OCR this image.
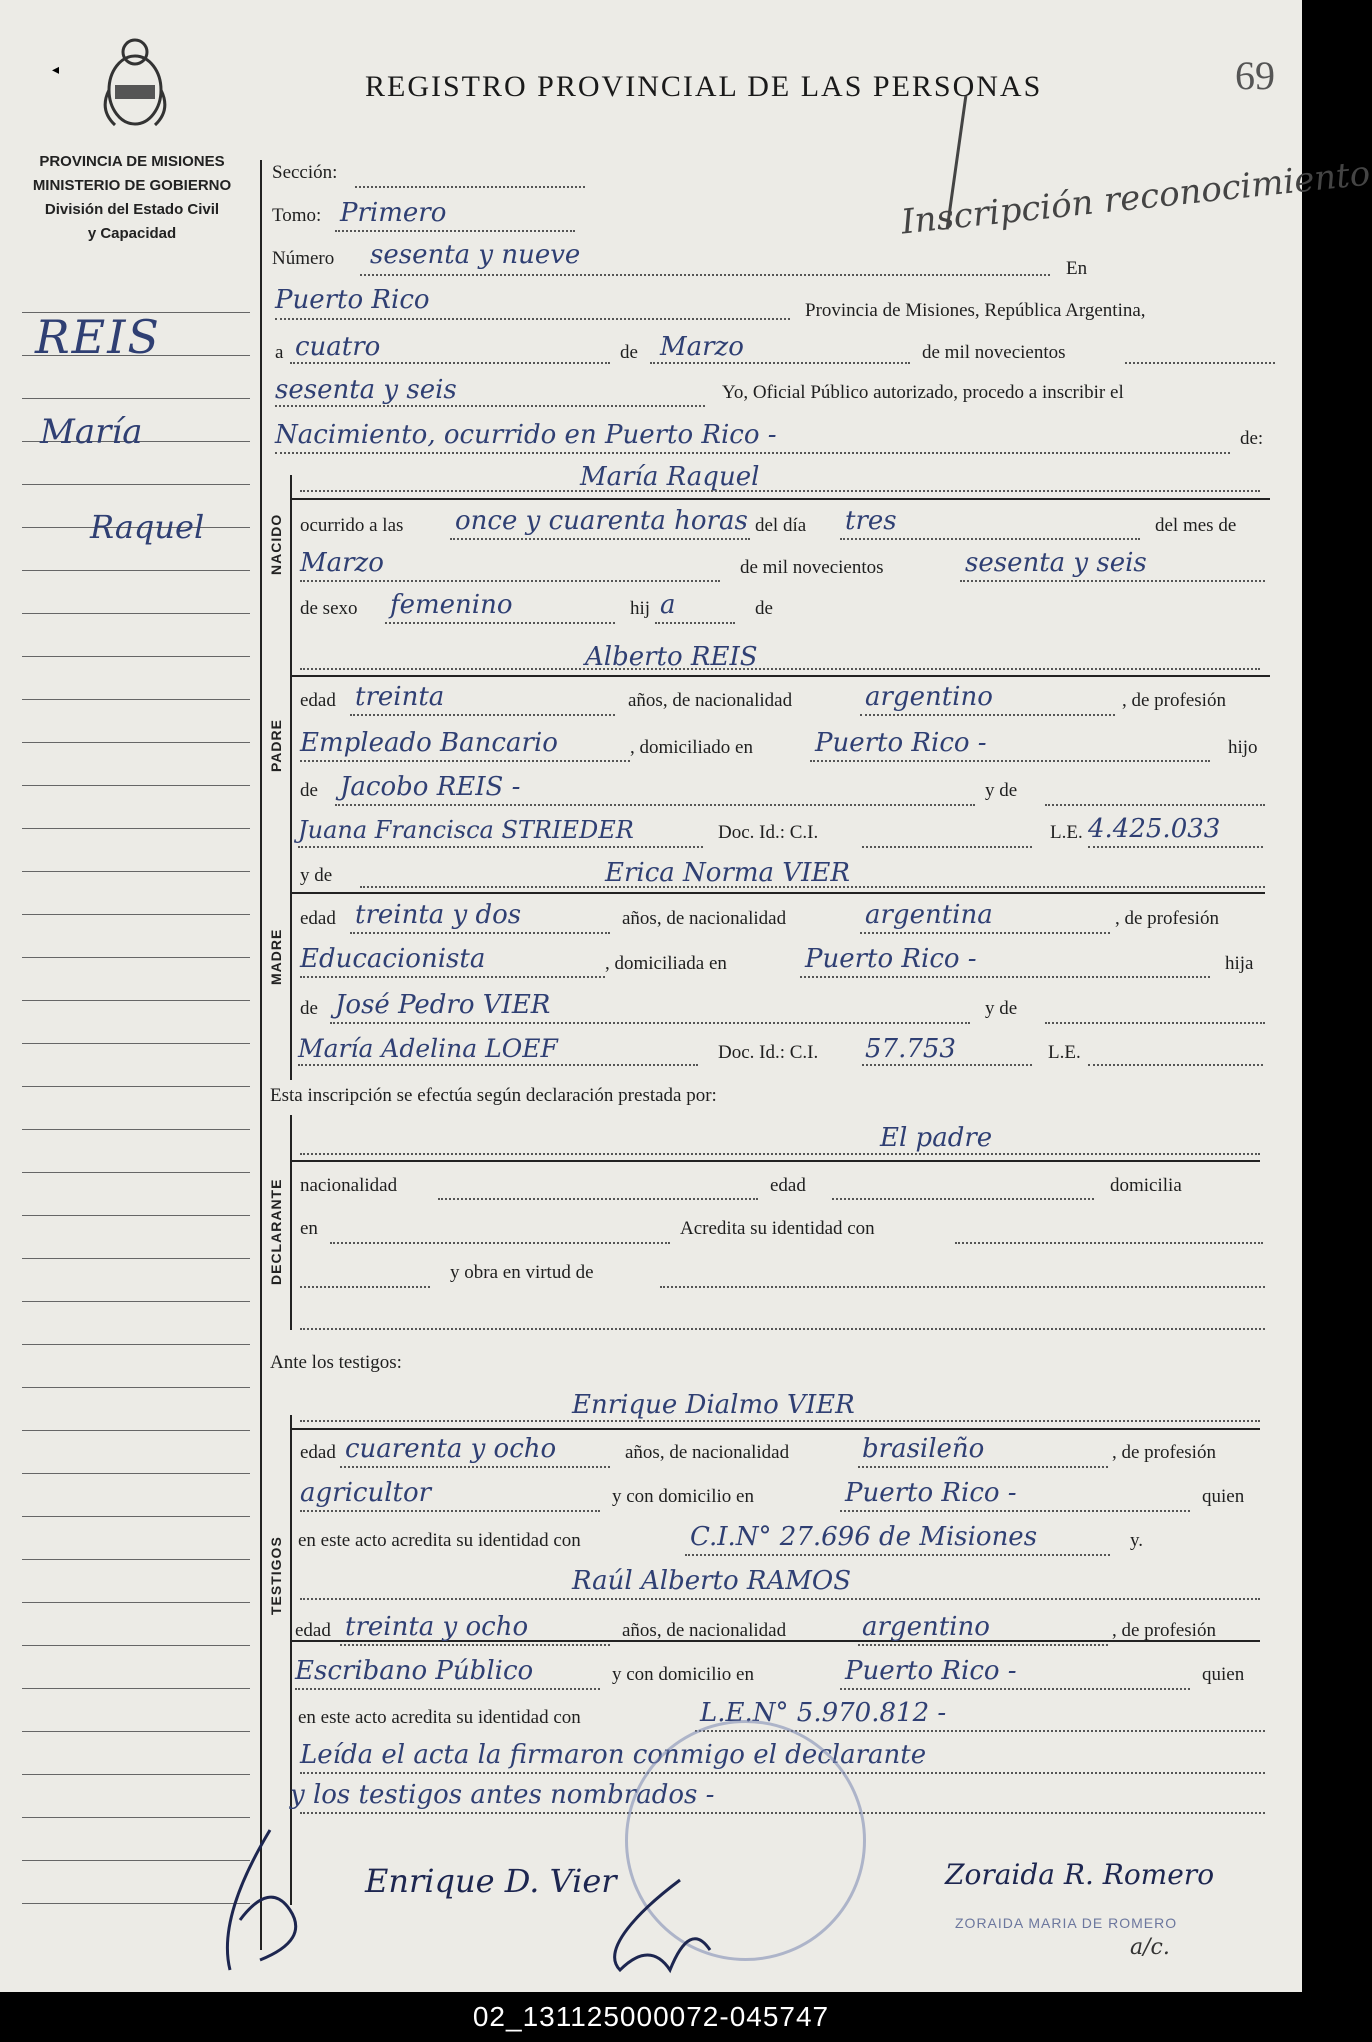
◂	REGISTRO PROVINCIAL DE LAS PERSONAS	69
Inscripción reconocimiento
PROVINCIA DE MISIONES
MINISTERIO DE GOBIERNO
División del Estado Civil
y Capacidad
REIS
María
Raquel
Sección:
Tomo: Primero
Número sesenta y nueve	En
Puerto Rico	Provincia de Misiones, República Argentina,
a cuatro	de Marzo	de mil novecientos
sesenta y seis	Yo, Oficial Público autorizado, procedo a inscribir el
Nacimiento, ocurrido en Puerto Rico -	de:
NACIDO
PADRE
MADRE
DECLARANTE
TESTIGOS
María Raquel
ocurrido a las once y cuarenta horas del día tres	del mes de
Marzo	de mil novecientos	sesenta y seis
de sexo femenino	hij a	de
Alberto REIS
edad treinta	años, de nacionalidad	argentino	, de profesión
Empleado Bancario	, domiciliado en Puerto Rico -	hijo
de Jacobo REIS -	y de
Juana Francisca STRIEDER	Doc. Id.: C.I.	L.E. 4.425.033
y de	Erica Norma VIER
edad treinta y dos	años, de nacionalidad	argentina	, de profesión
Educacionista	, domiciliada en	Puerto Rico -	hija
de José Pedro VIER	y de
María Adelina LOEF	Doc. Id.: C.I. 57.753	L.E.
Esta inscripción se efectúa según declaración prestada por:
El padre
nacionalidad	edad	domicilia
en	Acredita su identidad con
y obra en virtud de
Ante los testigos:
Enrique Dialmo VIER
edad cuarenta y ocho	años, de nacionalidad	brasileño	, de profesión
agricultor	y con domicilio en	Puerto Rico -	quien
en este acto acredita su identidad con	C.I.N° 27.696 de Misiones	y.
Raúl Alberto RAMOS
edad treinta y ocho	años, de nacionalidad	argentino	, de profesión
Escribano Público	y con domicilio en	Puerto Rico -	quien
en este acto acredita su identidad con	L.E.N° 5.970.812 -
Leída el acta la firmaron conmigo el declarante
y los testigos antes nombrados -
Enrique D. Vier	Zoraida R. Romero
ZORAIDA MARIA DE ROMERO
a/c.
02_131125000072-045747
